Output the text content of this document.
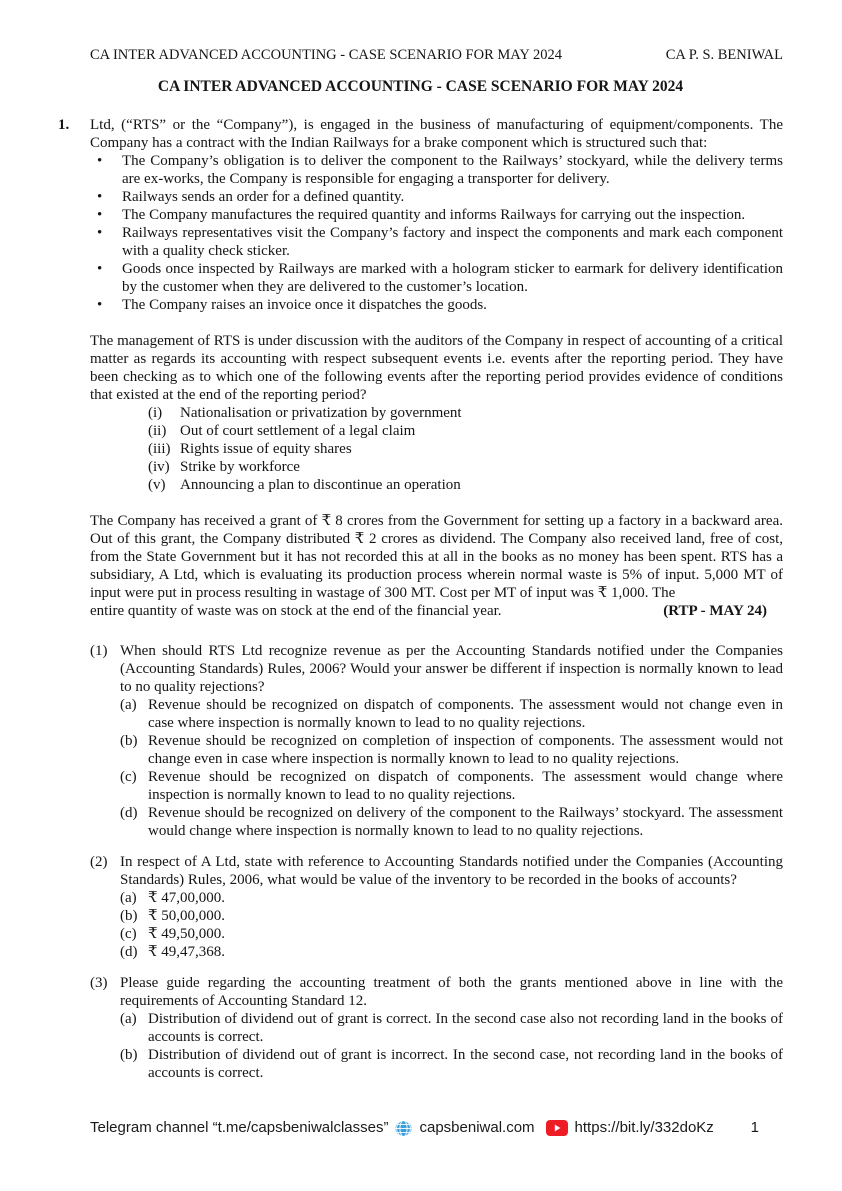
CA INTER ADVANCED ACCOUNTING - CASE SCENARIO FOR MAY 2024	CA P. S. BENIWAL
CA INTER ADVANCED ACCOUNTING - CASE SCENARIO FOR MAY 2024
1.	Ltd, (“RTS” or the “Company”), is engaged in the business of manufacturing of equipment/components. The Company has a contract with the Indian Railways for a brake component which is structured such that:
•
The Company’s obligation is to deliver the component to the Railways’ stockyard, while the delivery terms are ex-works, the Company is responsible for engaging a transporter for delivery.
•
Railways sends an order for a defined quantity.
•
The Company manufactures the required quantity and informs Railways for carrying out the inspection.
•
Railways representatives visit the Company’s factory and inspect the components and mark each component with a quality check sticker.
•
Goods once inspected by Railways are marked with a hologram sticker to earmark for delivery identification by the customer when they are delivered to the customer’s location.
•
The Company raises an invoice once it dispatches the goods.
The management of RTS is under discussion with the auditors of the Company in respect of accounting of a critical matter as regards its accounting with respect subsequent events i.e. events after the reporting period. They have been checking as to which one of the following events after the reporting period provides evidence of conditions that existed at the end of the reporting period?
(i)	Nationalisation or privatization by government
(ii) Out of court settlement of a legal claim
(iii) Rights issue of equity shares
(iv) Strike by workforce
(v) Announcing a plan to discontinue an operation
The Company has received a grant of ₹ 8 crores from the Government for setting up a factory in a backward area. Out of this grant, the Company distributed ₹ 2 crores as dividend. The Company also received land, free of cost, from the State Government but it has not recorded this at all in the books as no money has been spent. RTS has a subsidiary, A Ltd, which is evaluating its production process wherein normal waste is 5% of input. 5,000 MT of input were put in process resulting in wastage of 300 MT. Cost per MT of input was ₹ 1,000. The
entire quantity of waste was on stock at the end of the financial year.	(RTP - MAY 24)
(1) When should RTS Ltd recognize revenue as per the Accounting Standards notified under the Companies (Accounting Standards) Rules, 2006? Would your answer be different if inspection is normally known to lead to no quality rejections?
(a) Revenue should be recognized on dispatch of components. The assessment would not change even in case where inspection is normally known to lead to no quality rejections.
(b) Revenue should be recognized on completion of inspection of components. The assessment would not change even in case where inspection is normally known to lead to no quality rejections.
(c) Revenue should be recognized on dispatch of components. The assessment would change where inspection is normally known to lead to no quality rejections.
(d) Revenue should be recognized on delivery of the component to the Railways’ stockyard. The assessment would change where inspection is normally known to lead to no quality rejections.
(2) In respect of A Ltd, state with reference to Accounting Standards notified under the Companies (Accounting Standards) Rules, 2006, what would be value of the inventory to be recorded in the books of accounts?
(a) ₹ 47,00,000.
(b) ₹ 50,00,000.
(c) ₹ 49,50,000.
(d) ₹ 49,47,368.
(3) Please guide regarding the accounting treatment of both the grants mentioned above in line with the requirements of Accounting Standard 12.
(a) Distribution of dividend out of grant is correct. In the second case also not recording land in the books of accounts is correct.
(b) Distribution of dividend out of grant is incorrect. In the second case, not recording land in the books of accounts is correct.
Telegram channel “t.me/capsbeniwalclasses” capsbeniwal.com	https://bit.ly/332doKz 1
